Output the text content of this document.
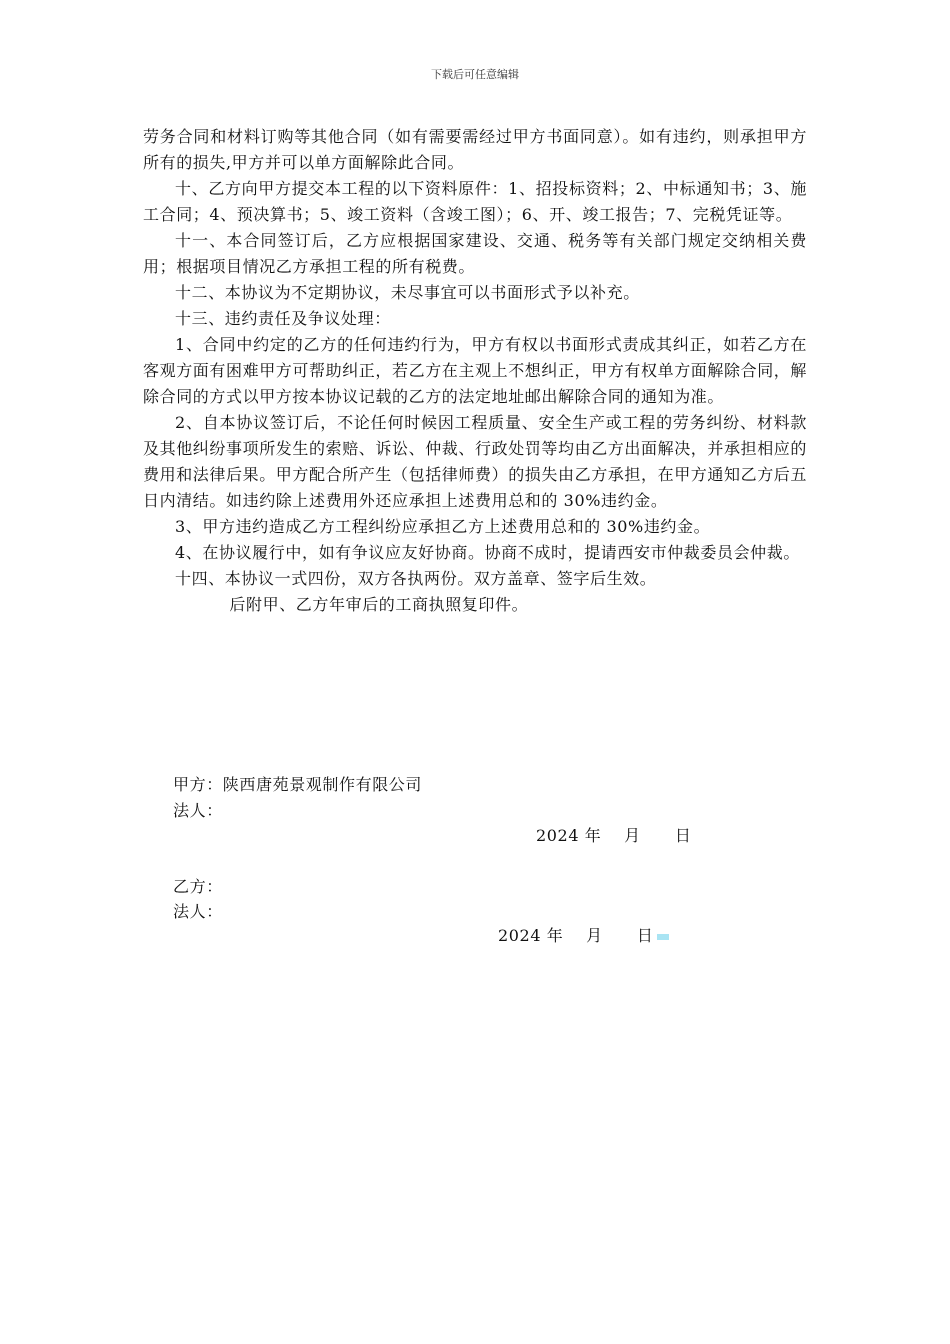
下载后可任意编辑

劳务合同和材料订购等其他合同（如有需要需经过甲方书面同意）。如有违约，则承担甲方所有的损失,甲方并可以单方面解除此合同。

十、乙方向甲方提交本工程的以下资料原件：1、招投标资料；2、中标通知书；3、施工合同；4、预决算书；5、竣工资料（含竣工图）；6、开、竣工报告；7、完税凭证等。

十一、本合同签订后，乙方应根据国家建设、交通、税务等有关部门规定交纳相关费用；根据项目情况乙方承担工程的所有税费。

十二、本协议为不定期协议，未尽事宜可以书面形式予以补充。

十三、违约责任及争议处理：

1、合同中约定的乙方的任何违约行为，甲方有权以书面形式责成其纠正，如若乙方在客观方面有困难甲方可帮助纠正，若乙方在主观上不想纠正，甲方有权单方面解除合同，解除合同的方式以甲方按本协议记载的乙方的法定地址邮出解除合同的通知为准。

2、自本协议签订后，不论任何时候因工程质量、安全生产或工程的劳务纠纷、材料款及其他纠纷事项所发生的索赔、诉讼、仲裁、行政处罚等均由乙方出面解决，并承担相应的费用和法律后果。甲方配合所产生（包括律师费）的损失由乙方承担，在甲方通知乙方后五日内清结。如违约除上述费用外还应承担上述费用总和的 30%违约金。

3、甲方违约造成乙方工程纠纷应承担乙方上述费用总和的 30%违约金。

4、在协议履行中，如有争议应友好协商。协商不成时，提请西安市仲裁委员会仲裁。

十四、本协议一式四份，双方各执两份。双方盖章、签字后生效。

后附甲、乙方年审后的工商执照复印件。

甲方：陕西唐苑景观制作有限公司
法人：
2024 年    月      日
乙方：
法人：
2024 年    月      日
